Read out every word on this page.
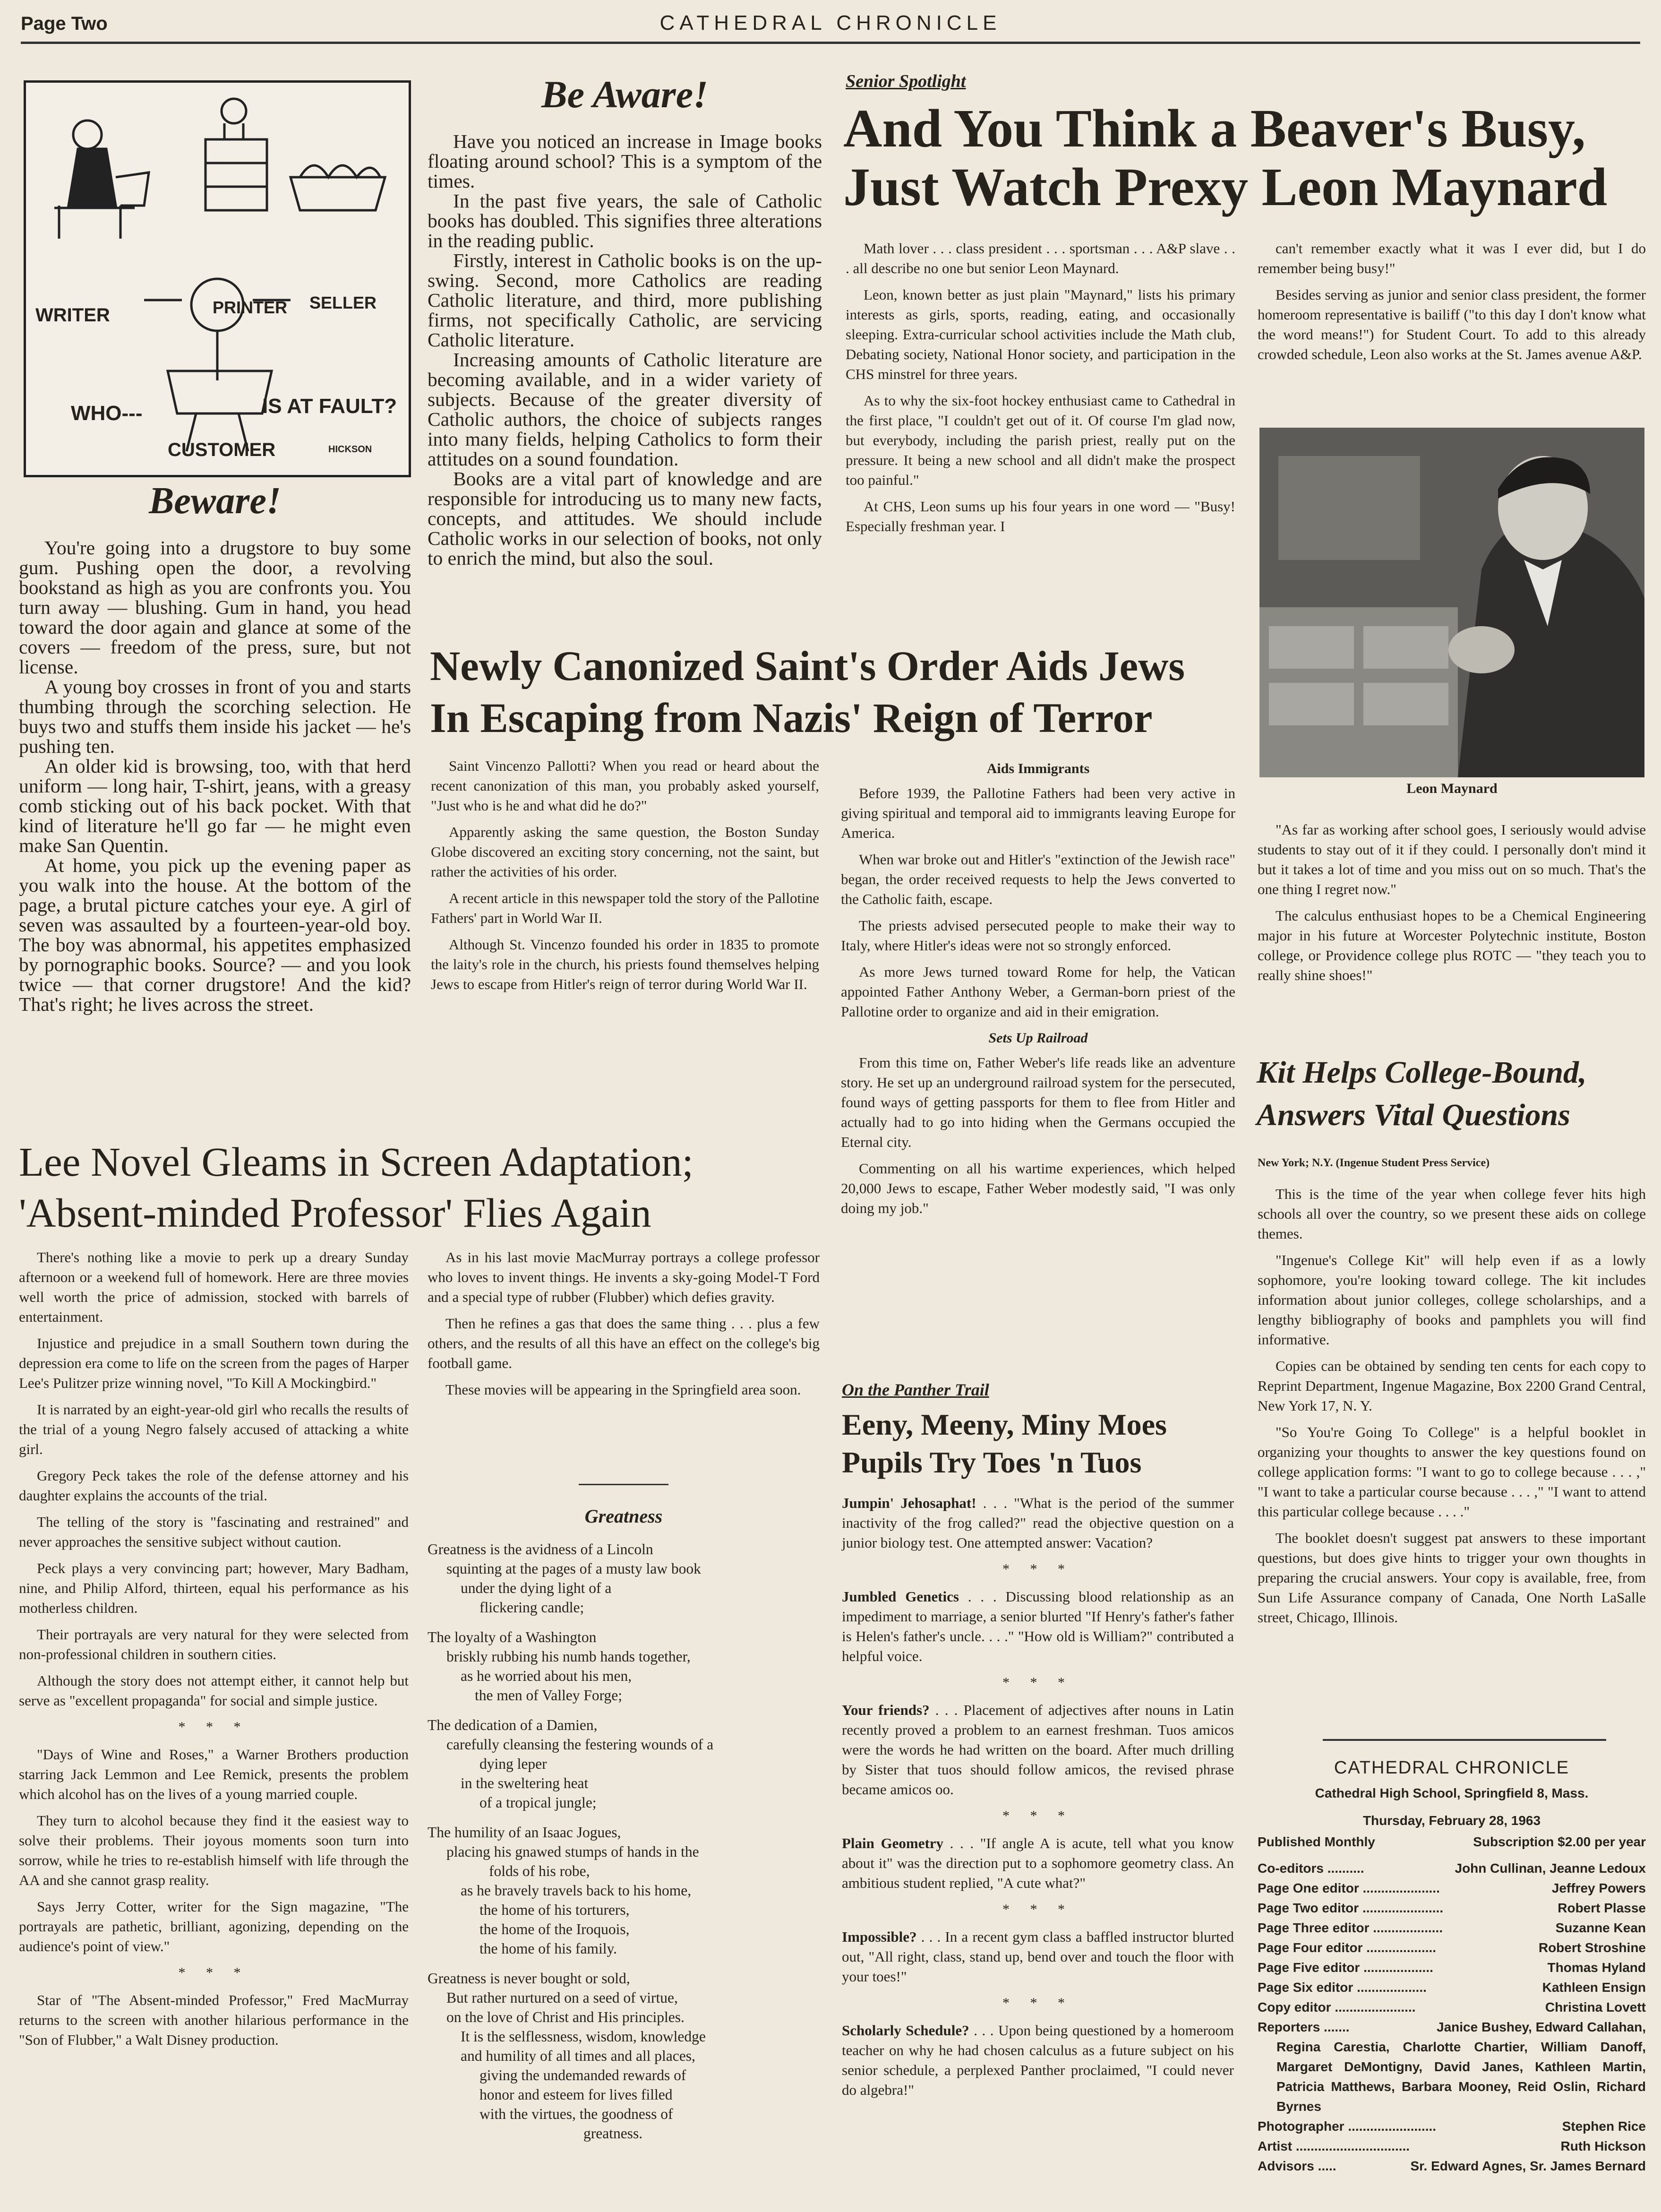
Page Two	CATHEDRAL CHRONICLE
WRITER	PRINTER SELLER
WHO---	IS AT FAULT?
CUSTOMER	HICKSON
Beware!

You're going into a drugstore to buy some gum. Pushing open the door, a revolving bookstand as high as you are confronts you. You turn away — blushing. Gum in hand, you head toward the door again and glance at some of the covers — freedom of the press, sure, but not license.

A young boy crosses in front of you and starts thumbing through the scorching selection. He buys two and stuffs them inside his jacket — he's pushing ten.

An older kid is browsing, too, with that herd uniform — long hair, T-shirt, jeans, with a greasy comb sticking out of his back pocket. With that kind of literature he'll go far — he might even make San Quentin.

At home, you pick up the evening paper as you walk into the house. At the bottom of the page, a brutal picture catches your eye. A girl of seven was assaulted by a fourteen-year-old boy. The boy was abnormal, his appetites emphasized by pornographic books. Source? — and you look twice — that corner drugstore! And the kid? That's right; he lives across the street.

Be Aware!

Have you noticed an increase in Image books floating around school? This is a symptom of the times.

In the past five years, the sale of Catholic books has doubled. This signifies three alterations in the reading public.

Firstly, interest in Catholic books is on the up-swing. Second, more Catholics are reading Catholic literature, and third, more publishing firms, not specifically Catholic, are servicing Catholic literature.

Increasing amounts of Catholic literature are becoming available, and in a wider variety of subjects. Because of the greater diversity of Catholic authors, the choice of subjects ranges into many fields, helping Catholics to form their attitudes on a sound foundation.

Books are a vital part of knowledge and are responsible for introducing us to many new facts, concepts, and attitudes. We should include Catholic works in our selection of books, not only to enrich the mind, but also the soul.

Senior Spotlight
And You Think a Beaver's Busy,
Just Watch Prexy Leon Maynard

Math lover . . . class president . . . sportsman . . . A&P slave . . . all describe no one but senior Leon Maynard.

Leon, known better as just plain "Maynard," lists his primary interests as girls, sports, reading, eating, and occasionally sleeping. Extra-curricular school activities include the Math club, Debating society, National Honor society, and participation in the CHS minstrel for three years.

As to why the six-foot hockey enthusiast came to Cathedral in the first place, "I couldn't get out of it. Of course I'm glad now, but everybody, including the parish priest, really put on the pressure. It being a new school and all didn't make the prospect too painful."

At CHS, Leon sums up his four years in one word — "Busy! Especially freshman year. I

can't remember exactly what it was I ever did, but I do remember being busy!"

Besides serving as junior and senior class president, the former homeroom representative is bailiff ("to this day I don't know what the word means!") for Student Court. To add to this already crowded schedule, Leon also works at the St. James avenue A&P.

Leon Maynard

"As far as working after school goes, I seriously would advise students to stay out of it if they could. I personally don't mind it but it takes a lot of time and you miss out on so much. That's the one thing I regret now."

The calculus enthusiast hopes to be a Chemical Engineering major in his future at Worcester Polytechnic institute, Boston college, or Providence college plus ROTC — "they teach you to really shine shoes!"

Newly Canonized Saint's Order Aids Jews
In Escaping from Nazis' Reign of Terror

Saint Vincenzo Pallotti? When you read or heard about the recent canonization of this man, you probably asked yourself, "Just who is he and what did he do?"

Apparently asking the same question, the Boston Sunday Globe discovered an exciting story concerning, not the saint, but rather the activities of his order.

A recent article in this newspaper told the story of the Pallotine Fathers' part in World War II.

Although St. Vincenzo founded his order in 1835 to promote the laity's role in the church, his priests found themselves helping Jews to escape from Hitler's reign of terror during World War II.

Aids Immigrants

Before 1939, the Pallotine Fathers had been very active in giving spiritual and temporal aid to immigrants leaving Europe for America.

When war broke out and Hitler's "extinction of the Jewish race" began, the order received requests to help the Jews converted to the Catholic faith, escape.

The priests advised persecuted people to make their way to Italy, where Hitler's ideas were not so strongly enforced.

As more Jews turned toward Rome for help, the Vatican appointed Father Anthony Weber, a German-born priest of the Pallotine order to organize and aid in their emigration.

Sets Up Railroad

From this time on, Father Weber's life reads like an adventure story. He set up an underground railroad system for the persecuted, found ways of getting passports for them to flee from Hitler and actually had to go into hiding when the Germans occupied the Eternal city.

Commenting on all his wartime experiences, which helped 20,000 Jews to escape, Father Weber modestly said, "I was only doing my job."

Kit Helps College-Bound,
Answers Vital Questions
New York; N.Y. (Ingenue Student Press Service)

This is the time of the year when college fever hits high schools all over the country, so we present these aids on college themes.

"Ingenue's College Kit" will help even if as a lowly sophomore, you're looking toward college. The kit includes information about junior colleges, college scholarships, and a lengthy bibliography of books and pamphlets you will find informative.

Copies can be obtained by sending ten cents for each copy to Reprint Department, Ingenue Magazine, Box 2200 Grand Central, New York 17, N. Y.

"So You're Going To College" is a helpful booklet in organizing your thoughts to answer the key questions found on college application forms: "I want to go to college because . . . ," "I want to take a particular course because . . . ," "I want to attend this particular college because . . . ."

The booklet doesn't suggest pat answers to these important questions, but does give hints to trigger your own thoughts in preparing the crucial answers. Your copy is available, free, from Sun Life Assurance company of Canada, One North LaSalle street, Chicago, Illinois.

Lee Novel Gleams in Screen Adaptation;
'Absent-minded Professor' Flies Again

There's nothing like a movie to perk up a dreary Sunday afternoon or a weekend full of homework. Here are three movies well worth the price of admission, stocked with barrels of entertainment.

Injustice and prejudice in a small Southern town during the depression era come to life on the screen from the pages of Harper Lee's Pulitzer prize winning novel, "To Kill A Mockingbird."

It is narrated by an eight-year-old girl who recalls the results of the trial of a young Negro falsely accused of attacking a white girl.

Gregory Peck takes the role of the defense attorney and his daughter explains the accounts of the trial.

The telling of the story is "fascinating and restrained" and never approaches the sensitive subject without caution.

Peck plays a very convincing part; however, Mary Badham, nine, and Philip Alford, thirteen, equal his performance as his motherless children.

Their portrayals are very natural for they were selected from non-professional children in southern cities.

Although the story does not attempt either, it cannot help but serve as "excellent propaganda" for social and simple justice.

* * *

"Days of Wine and Roses," a Warner Brothers production starring Jack Lemmon and Lee Remick, presents the problem which alcohol has on the lives of a young married couple.

They turn to alcohol because they find it the easiest way to solve their problems. Their joyous moments soon turn into sorrow, while he tries to re-establish himself with life through the AA and she cannot grasp reality.

Says Jerry Cotter, writer for the Sign magazine, "The portrayals are pathetic, brilliant, agonizing, depending on the audience's point of view."

* * *

Star of "The Absent-minded Professor," Fred MacMurray returns to the screen with another hilarious performance in the "Son of Flubber," a Walt Disney production.

As in his last movie MacMurray portrays a college professor who loves to invent things. He invents a sky-going Model-T Ford and a special type of rubber (Flubber) which defies gravity.

Then he refines a gas that does the same thing . . . plus a few others, and the results of all this have an effect on the college's big football game.

These movies will be appearing in the Springfield area soon.

Greatness

Greatness is the avidness of a Lincoln
squinting at the pages of a musty law book
under the dying light of a
flickering candle;

The loyalty of a Washington
briskly rubbing his numb hands together,
as he worried about his men,
the men of Valley Forge;

The dedication of a Damien,
carefully cleansing the festering wounds of a
dying leper
in the sweltering heat
of a tropical jungle;

The humility of an Isaac Jogues,
placing his gnawed stumps of hands in the
folds of his robe,
as he bravely travels back to his home,
the home of his torturers,
the home of the Iroquois,
the home of his family.

Greatness is never bought or sold,
But rather nurtured on a seed of virtue,
on the love of Christ and His principles.
It is the selflessness, wisdom, knowledge
and humility of all times and all places,
giving the undemanded rewards of
honor and esteem for lives filled
with the virtues, the goodness of
greatness.

On the Panther Trail
Eeny, Meeny, Miny Moes
Pupils Try Toes 'n Tuos

Jumpin' Jehosaphat! . . . "What is the period of the summer inactivity of the frog called?" read the objective question on a junior biology test. One attempted answer: Vacation?

* * *

Jumbled Genetics . . . Discussing blood relationship as an impediment to marriage, a senior blurted "If Henry's father's father is Helen's father's uncle. . . ." "How old is William?" contributed a helpful voice.

* * *

Your friends? . . . Placement of adjectives after nouns in Latin recently proved a problem to an earnest freshman. Tuos amicos were the words he had written on the board. After much drilling by Sister that tuos should follow amicos, the revised phrase became amicos oo.

* * *

Plain Geometry . . . "If angle A is acute, tell what you know about it" was the direction put to a sophomore geometry class. An ambitious student replied, "A cute what?"

* * *

Impossible? . . . In a recent gym class a baffled instructor blurted out, "All right, class, stand up, bend over and touch the floor with your toes!"

* * *

Scholarly Schedule? . . . Upon being questioned by a homeroom teacher on why he had chosen calculus as a future subject on his senior schedule, a perplexed Panther proclaimed, "I could never do algebra!"

CATHEDRAL CHRONICLE
Cathedral High School, Springfield 8, Mass.
Thursday, February 28, 1963
Published Monthly	Subscription $2.00 per year
Co-editors ..........	John Cullinan, Jeanne Ledoux
Page One editor .....................	Jeffrey Powers
Page Two editor ......................	Robert Plasse
Page Three editor ...................	Suzanne Kean
Page Four editor ...................	Robert Stroshine
Page Five editor ...................	Thomas Hyland
Page Six editor ...................	Kathleen Ensign
Copy editor ......................	Christina Lovett
Reporters .......	Janice Bushey, Edward Callahan,
Regina Carestia, Charlotte Chartier, William Danoff, Margaret DeMontigny, David Janes, Kathleen Martin, Patricia Matthews, Barbara Mooney, Reid Oslin, Richard Byrnes
Photographer ........................	Stephen Rice
Artist ...............................	Ruth Hickson
Advisors .....	Sr. Edward Agnes, Sr. James Bernard
